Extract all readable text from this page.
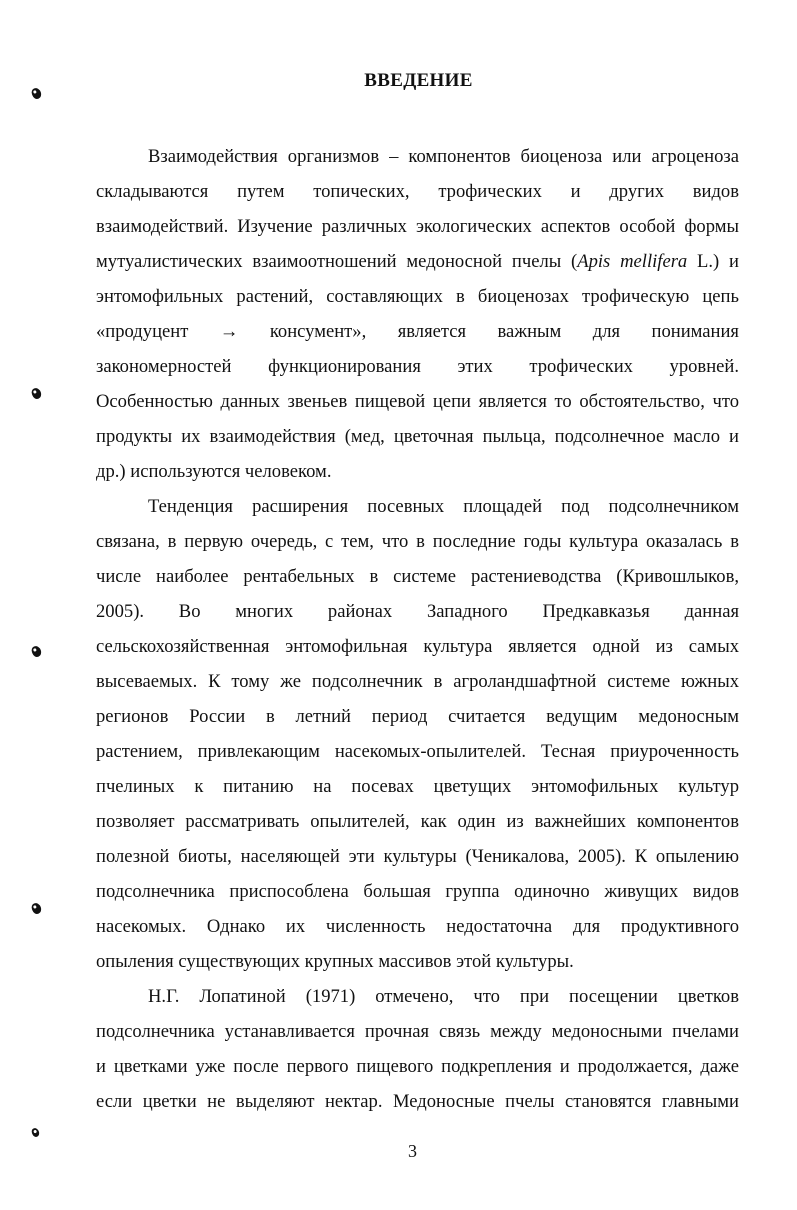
ВВЕДЕНИЕ
Взаимодействия организмов – компонентов биоценоза или агроценоза
складываются путем топических, трофических и других видов
взаимодействий. Изучение различных экологических аспектов особой формы
мутуалистических взаимоотношений медоносной пчелы (Apis mellifera L.) и
энтомофильных растений, составляющих в биоценозах трофическую цепь
«продуцент → консумент», является важным для понимания
закономерностей функционирования этих трофических уровней.
Особенностью данных звеньев пищевой цепи является то обстоятельство, что
продукты их взаимодействия (мед, цветочная пыльца, подсолнечное масло и
др.) используются человеком.
Тенденция расширения посевных площадей под подсолнечником
связана, в первую очередь, с тем, что в последние годы культура оказалась в
числе наиболее рентабельных в системе растениеводства (Кривошлыков,
2005). Во многих районах Западного Предкавказья данная
сельскохозяйственная энтомофильная культура является одной из самых
высеваемых. К тому же подсолнечник в агроландшафтной системе южных
регионов России в летний период считается ведущим медоносным
растением, привлекающим насекомых-опылителей. Тесная приуроченность
пчелиных к питанию на посевах цветущих энтомофильных культур
позволяет рассматривать опылителей, как один из важнейших компонентов
полезной биоты, населяющей эти культуры (Ченикалова, 2005). К опылению
подсолнечника приспособлена большая группа одиночно живущих видов
насекомых. Однако их численность недостаточна для продуктивного
опыления существующих крупных массивов этой культуры.
Н.Г. Лопатиной (1971) отмечено, что при посещении цветков
подсолнечника устанавливается прочная связь между медоносными пчелами
и цветками уже после первого пищевого подкрепления и продолжается, даже
если цветки не выделяют нектар. Медоносные пчелы становятся главными
3
